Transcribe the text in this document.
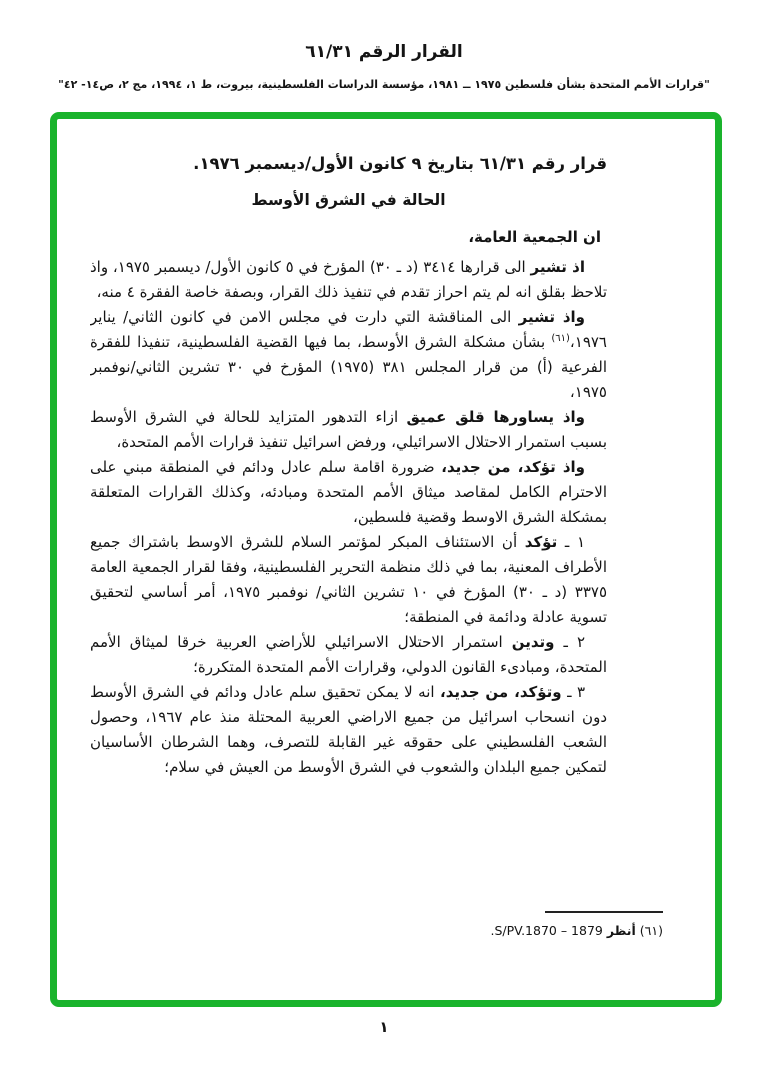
القرار الرقم ٦١/٣١
"قرارات الأمم المتحدة بشأن فلسطين ١٩٧٥ ــ ١٩٨١، مؤسسة الدراسات الفلسطينية، بيروت، ط ١، ١٩٩٤، مج ٢، ص١٤- ٤٢"

قرار رقم ٦١/٣١ بتاريخ ٩ كانون الأول/ديسمبر ١٩٧٦.

الحالة في الشرق الأوسط

ان الجمعية العامة،

اذ تشير الى قرارها ٣٤١٤ (د ـ ٣٠) المؤرخ في ٥ كانون الأول/ ديسمبر ١٩٧٥، واذ تلاحظ بقلق انه لم يتم احراز تقدم في تنفيذ ذلك القرار، وبصفة خاصة الفقرة ٤ منه،

واذ تشير الى المناقشة التي دارت في مجلس الامن في كانون الثاني/ يناير ١٩٧٦،$^{(٦١)}$ بشأن مشكلة الشرق الأوسط، بما فيها القضية الفلسطينية، تنفيذا للفقرة الفرعية (أ) من قرار المجلس ٣٨١ (١٩٧٥) المؤرخ في ٣٠ تشرين الثاني/نوفمبر ١٩٧٥،

واذ يساورها قلق عميق ازاء التدهور المتزايد للحالة في الشرق الأوسط بسبب استمرار الاحتلال الاسرائيلي، ورفض اسرائيل تنفيذ قرارات الأمم المتحدة،

واذ تؤكد، من جديد، ضرورة اقامة سلم عادل ودائم في المنطقة مبني على الاحترام الكامل لمقاصد ميثاق الأمم المتحدة ومبادئه، وكذلك القرارات المتعلقة بمشكلة الشرق الاوسط وقضية فلسطين،

١ ـ تؤكد أن الاستئناف المبكر لمؤتمر السلام للشرق الاوسط باشتراك جميع الأطراف المعنية، بما في ذلك منظمة التحرير الفلسطينية، وفقا لقرار الجمعية العامة ٣٣٧٥ (د ـ ٣٠) المؤرخ في ١٠ تشرين الثاني/ نوفمبر ١٩٧٥، أمر أساسي لتحقيق تسوية عادلة ودائمة في المنطقة؛

٢ ـ وتدين استمرار الاحتلال الاسرائيلي للأراضي العربية خرقا لميثاق الأمم المتحدة، ومبادىء القانون الدولي، وقرارات الأمم المتحدة المتكررة؛

٣ ـ وتؤكد، من جديد، انه لا يمكن تحقيق سلم عادل ودائم في الشرق الأوسط دون انسحاب اسرائيل من جميع الاراضي العربية المحتلة منذ عام ١٩٦٧، وحصول الشعب الفلسطيني على حقوقه غير القابلة للتصرف، وهما الشرطان الأساسيان لتمكين جميع البلدان والشعوب في الشرق الأوسط من العيش في سلام؛

(٦١) أنظر S/PV.1870 – 1879.
١
